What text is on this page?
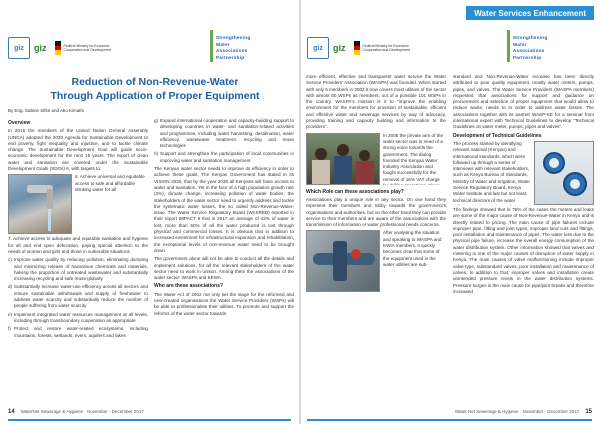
giz	giz	Federal Ministry for Economic Cooperation and Development
Strengthening
Water
Associations
Partnership
Reduction of Non-Revenue-Water Through Application of Proper Equipment
By Eng. Sabine Sifke and Ako Kimathi
Overview

In 2015 the members of the United Nation General Assembly (UNGA) adopted the 2030 Agenda for Sustainable Development to end poverty, fight inequality and injustice, and to tackle climate change. The Sustainable Development Goal will guide socio-economic development for the next 15 years. The report of clean water and sanitation are covered under the Sustainable Development Goals (SDGs) 6, with targets to:

6. Achieve universal and equitable access to safe and affordable drinking water for all

7. Achieve access to adequate and equitable sanitation and hygiene for all and end open defecation, paying special attention to the needs of women and girls and those in vulnerable situations

c) Improve water quality by reducing pollution, eliminating dumping and minimizing release of hazardous chemicals and materials, halving the proportion of untreated wastewater and substantially increasing recycling and safe reuse globally
d) Substantially increase water-use efficiency across all sectors and ensure sustainable withdrawals and supply of freshwater to address water scarcity and substantially reduce the number of people suffering from water scarcity
e) Implement integrated water resources management at all levels, including through transboundary cooperation as appropriate
f) Protect and restore water-related ecosystems, including mountains, forests, wetlands, rivers, aquifers and lakes
g) Expand international cooperation and capacity-building support to developing countries in water- and sanitation-related activities and programmes, including water harvesting, desalination, water efficiency, wastewater treatment, recycling and reuse technologies
h) Support and strengthen the participation of local communities in improving water and sanitation management

The Kenyan water sector needs to improve its efficiency in order to achieve these goals. The Kenyan Government has stated in its VISION 2030, that by the year 2030 all Kenyans will have access to water and sanitation. Yet in the face of a high population growth rate (3%), climate change, increasing pollution of water bodies, the stakeholders of the water sector need to urgently address and tackle the systematic water losses, the so called Non-Revenue-Water-issue. The Water Service Regulatory Board (WASREB) reported in their report IMPACT 9 that in 2017 an average of 42% of water is lost, more than 50% of all the water produced is lost through physical and commercial losses. It is obvious that in addition to increased investment for infrastructural expansion and rehabilitation, the exceptional levels of non-revenue water need to be brought down.

The government alone will not be able to conduct all the details and implement solutions, for all the relevant stakeholders of the water sector need to work in unison. Among them the associations of the water sector: WASPA and KEWA.

Who are these associations?

The Water Act of 2002 not only set the stage for the reformed and new-created organisations the Water Service Providers (WSPs) will be able to professionalise their utilities. To promote and support the reforms of the water sector towards

14 WaterNet Sewerage & Hygiene · November - December 2017
Water Services Enhancement
giz	giz	Federal Ministry for Economic Cooperation and Development
Strengthening
Water
Associations
Partnership

more efficient, effective and transparent water service the Water Service Providers' Association (WASPA) was founded. When started with only 5 members in 2002 it now covers most utilities of the sector with almost 60 WSPs as members, out of a possible 101 WSPs in the country. WASPA's mission is it to "improve the enabling environment for the members for provision of sustainable, efficient and effective water and sewerage services by way of advocacy, providing training and capacity building and information to the providers".

In 2005 the private arm of the water sector was in need of a strong voice towards the government. The dialog founded the Kenyan Water Industry Association and fought successfully for the removal of 16% VAT charge

Which Role can these associations play?

Associations play a unique role in any sector. On one hand they represent their members and lobby towards the government's organisations and authorities, but on the other hand they can provide service to their members and are aware of the associations with the transmission of information or water professional needs concerns.

After analysing the situation and speaking to WASPA and KWIA members, it quickly becomes clear that some of the equipment used in the water utilities are sub-

standard and Non-Revenue-Water increase has been directly attributed to poor quality equipment, mostly water meters, pumps, pipes, and valves. The Water Service Providers (WASPA members) requested that associations for support and guidance on procurement and selection of proper equipment that would allow to reduce waste, needs to in order to address water losses. The associations together with its partner WASP-KE for a seminar from international expert with Technical Guidelines to develop "Technical Guidelines on water meter, pumps, pipes and valves".

Development of Technical Guidelines

The process started by identifying relevant national (Kenyan) and international standards, which were followed up through a series of interviews with relevant stakeholders, such as Kenya Bureau of Standards, Ministry of Water and Irrigation, Water Service Regulatory Board, Kenya Water Institute and last but not least, technical directors of the water

The findings showed that in 76% of the cases the meters and leaks are some of the major cause of Non-Revenue-Water in Kenya and is directly related to pricing. The main cause of pipe failures include improper pipe, fitting and joint types, improper land cuts and fittings, poor installation and maintenance of pipes. The water loss due to the physical pipe failure, increase the overall energy consumption of the water distribution system. Other information showed that valves and metering is one of the major causes of disruption of water supply in Kenya. The main causes of valve malfunctioning include improper valve type, substandard valves, poor installation and maintenance of valves. In addition to that, improper valves and installation create unintended pressure levels in the water distribution systems. Pressure surges is the main cause for pipe/joint breaks and therefore increased

Water Net Sewerage & Hygiene · November - December 2017 15
